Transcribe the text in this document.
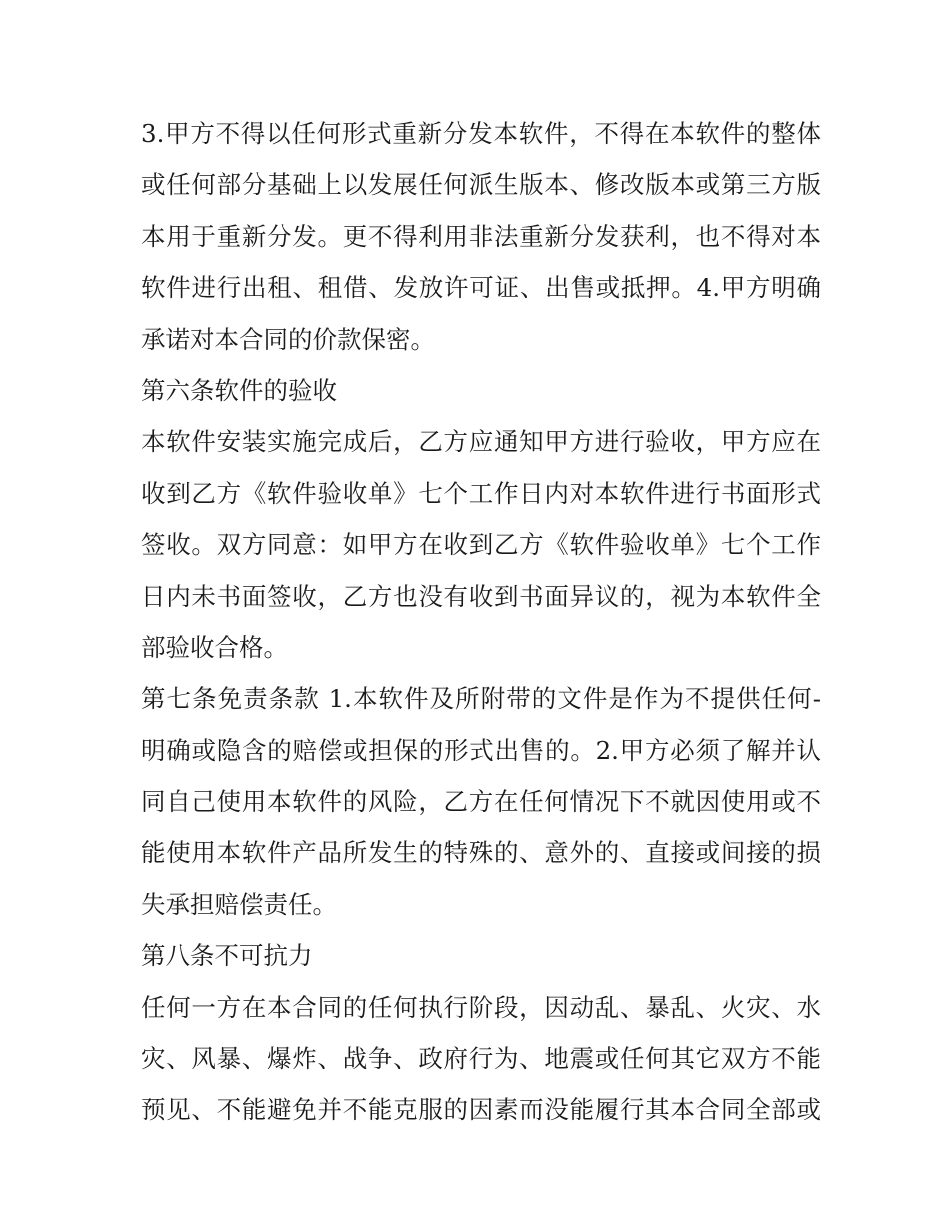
3.甲方不得以任何形式重新分发本软件，不得在本软件的整体
或任何部分基础上以发展任何派生版本、修改版本或第三方版
本用于重新分发。更不得利用非法重新分发获利，也不得对本
软件进行出租、租借、发放许可证、出售或抵押。4.甲方明确
承诺对本合同的价款保密。
第六条软件的验收
本软件安装实施完成后，乙方应通知甲方进行验收，甲方应在
收到乙方《软件验收单》七个工作日内对本软件进行书面形式
签收。双方同意：如甲方在收到乙方《软件验收单》七个工作
日内未书面签收，乙方也没有收到书面异议的，视为本软件全
部验收合格。
第七条免责条款 1.本软件及所附带的文件是作为不提供任何-
明确或隐含的赔偿或担保的形式出售的。2.甲方必须了解并认
同自己使用本软件的风险，乙方在任何情况下不就因使用或不
能使用本软件产品所发生的特殊的、意外的、直接或间接的损
失承担赔偿责任。
第八条不可抗力
任何一方在本合同的任何执行阶段，因动乱、暴乱、火灾、水
灾、风暴、爆炸、战争、政府行为、地震或任何其它双方不能
预见、不能避免并不能克服的因素而没能履行其本合同全部或
